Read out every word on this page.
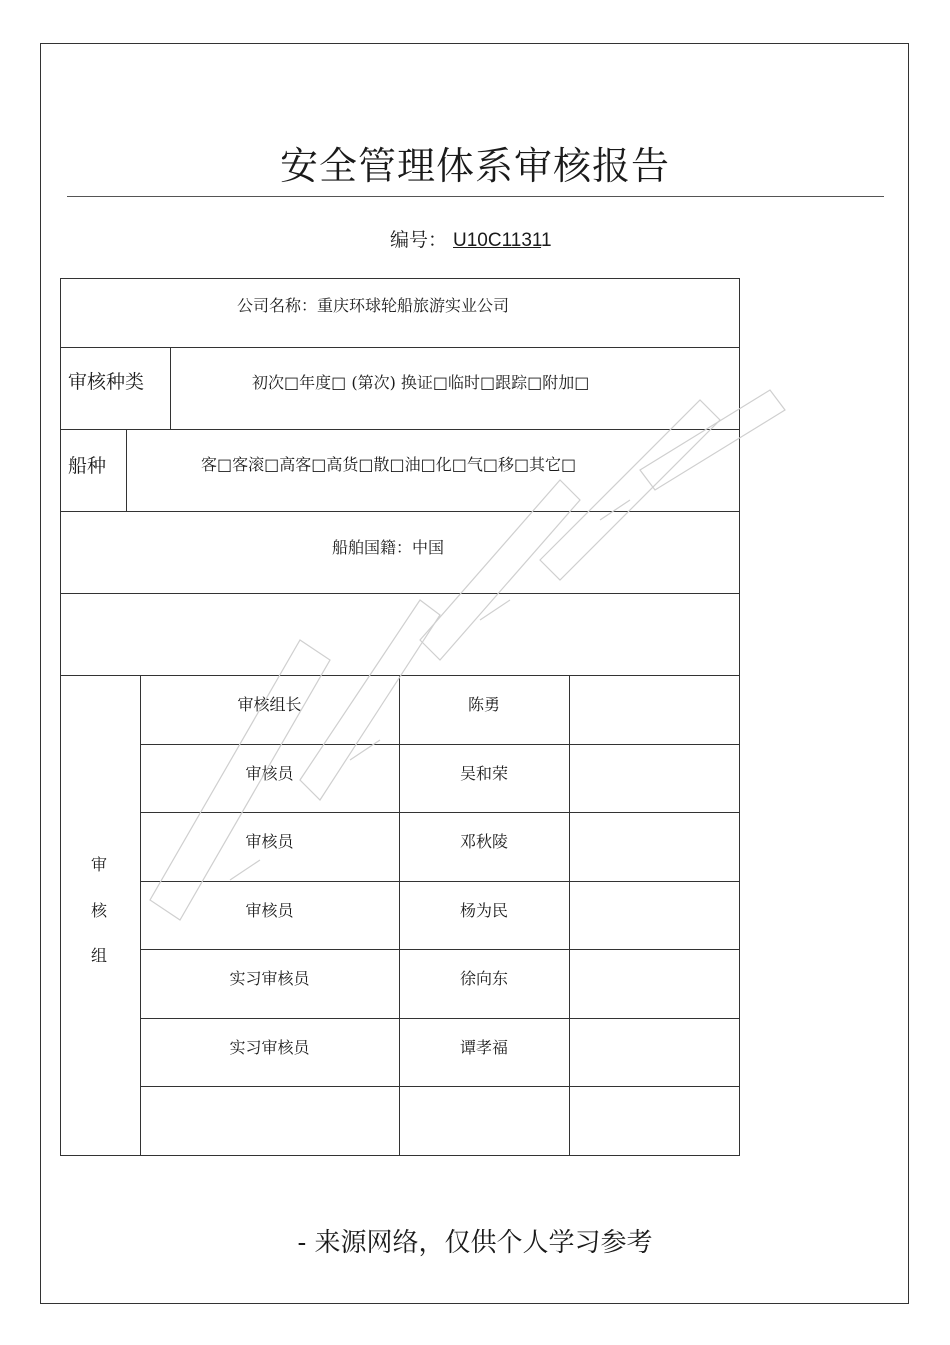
安全管理体系审核报告
编号： U10C11311
公司名称：重庆环球轮船旅游实业公司
审核种类	初次□年度□ (第次) 换证□临时□跟踪□附加□
船种	客□客滚□高客□高货□散□油□化□气□移□其它□
船舶国籍：中国
审
核
组
审核组长	陈勇
审核员	吴和荣
审核员	邓秋陵
审核员	杨为民
实习审核员	徐向东
实习审核员	谭孝福
- 来源网络，仅供个人学习参考
